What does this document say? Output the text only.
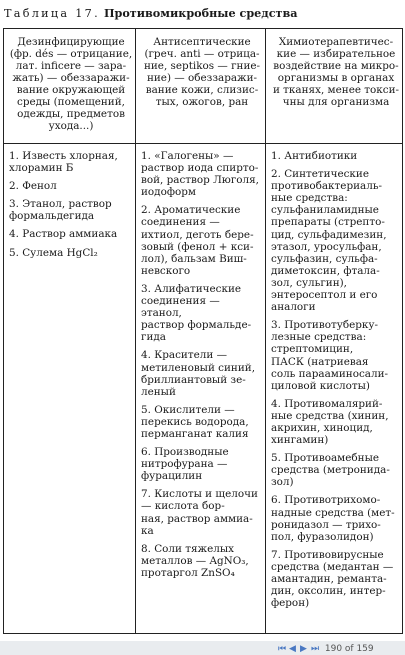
Таблица 17. Противомикробные средства
Дезинфицирующие
(фр. dés — отрицание,
лат. inficere — зара-
жать) — обеззаражи-
вание окружающей
среды (помещений,
одежды, предметов
ухода...)
Антисептические
(греч. anti — отрица-
ние, septikos — гние-
ние) — обеззаражи-
вание кожи, слизис-
тых, ожогов, ран
Химиотерапевтичес-
кие — избирательное
воздействие на микро-
организмы в органах
и тканях, менее токси-
чны для организма

1. Известь хлорная,
хлорамин Б

2. Фенол

3. Этанол, раствор
формальдегида

4. Раствор аммиака

5. Сулема HgCl₂

1. «Галогены» —
раствор иода спирто-
вой, раствор Люголя,
иодоформ

2. Ароматические
соединения —
ихтиол, деготь бере-
зовый (фенол + кси-
лол), бальзам Виш-
невского

3. Алифатические
соединения — этанол,
раствор формальде-
гида

4. Красители —
метиленовый синий,
бриллиантовый зе-
леный

5. Окислители —
перекись водорода,
перманганат калия

6. Производные
нитрофурана —
фурацилин

7. Кислоты и щелочи
— кислота бор-
ная, раствор аммиа-
ка

8. Соли тяжелых
металлов — AgNO₃,
протаргол ZnSO₄

1. Антибиотики

2. Синтетические
противобактериаль-
ные средства:
сульфаниламидные
препараты (стрепто-
цид, сульфадимезин,
этазол, уросульфан,
сульфазин, сульфа-
диметоксин, фтала-
зол, сульгин),
энтеросептол и его
аналоги

3. Противотуберку-
лезные средства:
стрептомицин,
ПАСК (натриевая
соль парааминосали-
циловой кислоты)

4. Противомалярий-
ные средства (хинин,
акрихин, хиноцид,
хингамин)

5. Противоамебные
средства (метронида-
зол)

6. Противотрихомо-
надные средства (мет-
ронидазол — трихо-
пол, фуразолидон)

7. Противовирусные
средства (медантан —
амантадин, реманта-
дин, оксолин, интер-
ферон)

⏮ ◀ ▶ ⏭ 190 of 159
